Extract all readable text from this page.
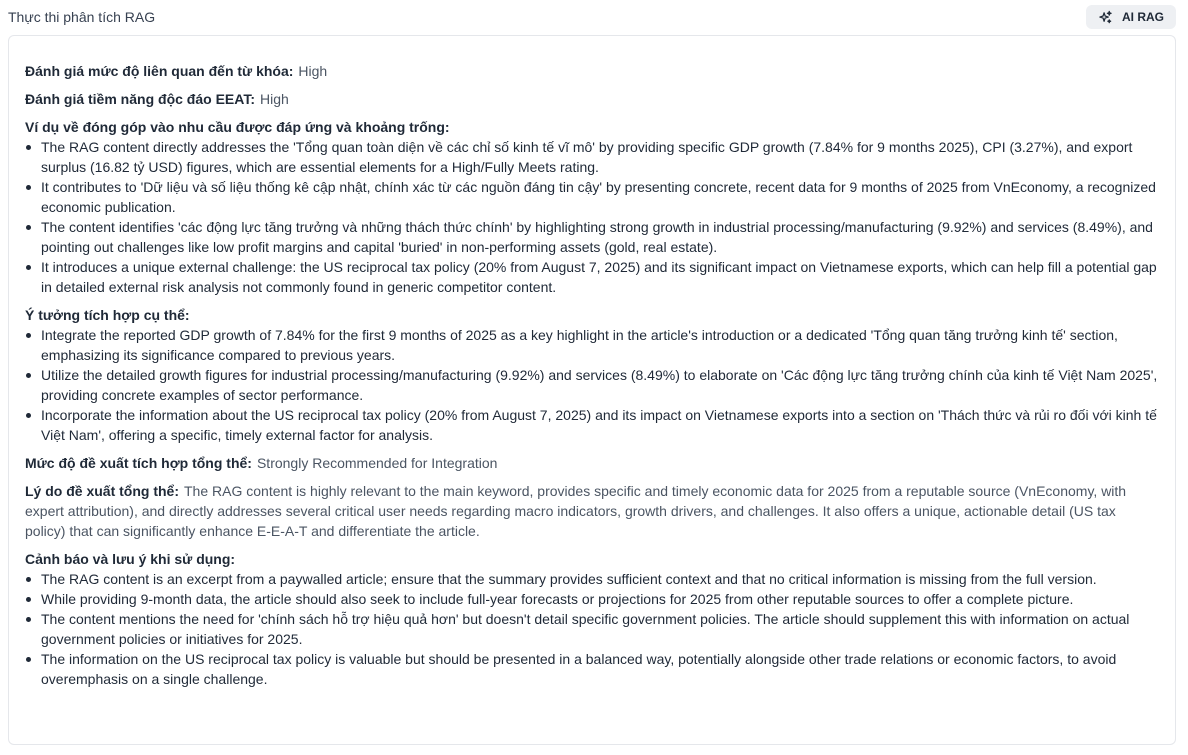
Thực thi phân tích RAG	AI RAG
Đánh giá mức độ liên quan đến từ khóa: High
Đánh giá tiềm năng độc đáo EEAT: High
Ví dụ về đóng góp vào nhu cầu được đáp ứng và khoảng trống:
The RAG content directly addresses the 'Tổng quan toàn diện về các chỉ số kinh tế vĩ mô' by providing specific GDP growth (7.84% for 9 months 2025), CPI (3.27%), and export surplus (16.82 tỷ USD) figures, which are essential elements for a High/Fully Meets rating.
It contributes to 'Dữ liệu và số liệu thống kê cập nhật, chính xác từ các nguồn đáng tin cậy' by presenting concrete, recent data for 9 months of 2025 from VnEconomy, a recognized economic publication.
The content identifies 'các động lực tăng trưởng và những thách thức chính' by highlighting strong growth in industrial processing/manufacturing (9.92%) and services (8.49%), and pointing out challenges like low profit margins and capital 'buried' in non-performing assets (gold, real estate).
It introduces a unique external challenge: the US reciprocal tax policy (20% from August 7, 2025) and its significant impact on Vietnamese exports, which can help fill a potential gap in detailed external risk analysis not commonly found in generic competitor content.
Ý tưởng tích hợp cụ thể:
Integrate the reported GDP growth of 7.84% for the first 9 months of 2025 as a key highlight in the article's introduction or a dedicated 'Tổng quan tăng trưởng kinh tế' section, emphasizing its significance compared to previous years.
Utilize the detailed growth figures for industrial processing/manufacturing (9.92%) and services (8.49%) to elaborate on 'Các động lực tăng trưởng chính của kinh tế Việt Nam 2025', providing concrete examples of sector performance.
Incorporate the information about the US reciprocal tax policy (20% from August 7, 2025) and its impact on Vietnamese exports into a section on 'Thách thức và rủi ro đối với kinh tế Việt Nam', offering a specific, timely external factor for analysis.
Mức độ đề xuất tích hợp tổng thể: Strongly Recommended for Integration
Lý do đề xuất tổng thể: The RAG content is highly relevant to the main keyword, provides specific and timely economic data for 2025 from a reputable source (VnEconomy, with expert attribution), and directly addresses several critical user needs regarding macro indicators, growth drivers, and challenges. It also offers a unique, actionable detail (US tax policy) that can significantly enhance E-E-A-T and differentiate the article.
Cảnh báo và lưu ý khi sử dụng:
The RAG content is an excerpt from a paywalled article; ensure that the summary provides sufficient context and that no critical information is missing from the full version.
While providing 9-month data, the article should also seek to include full-year forecasts or projections for 2025 from other reputable sources to offer a complete picture.
The content mentions the need for 'chính sách hỗ trợ hiệu quả hơn' but doesn't detail specific government policies. The article should supplement this with information on actual government policies or initiatives for 2025.
The information on the US reciprocal tax policy is valuable but should be presented in a balanced way, potentially alongside other trade relations or economic factors, to avoid overemphasis on a single challenge.
